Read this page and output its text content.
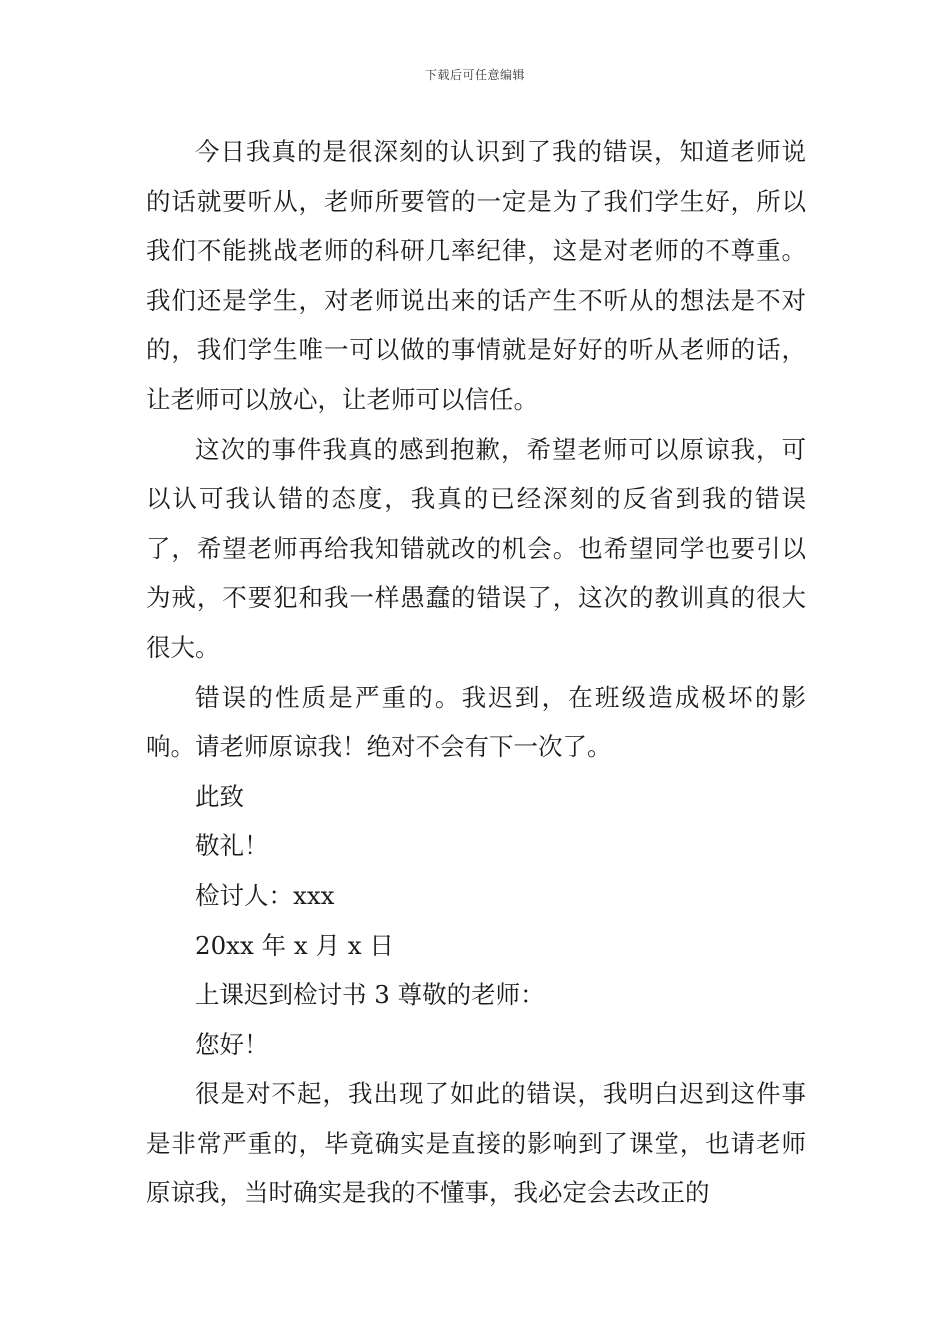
下载后可任意编辑

今日我真的是很深刻的认识到了我的错误，知道老师说的话就要听从，老师所要管的一定是为了我们学生好，所以我们不能挑战老师的科研几率纪律，这是对老师的不尊重。我们还是学生，对老师说出来的话产生不听从的想法是不对的，我们学生唯一可以做的事情就是好好的听从老师的话，让老师可以放心，让老师可以信任。

这次的事件我真的感到抱歉，希望老师可以原谅我，可以认可我认错的态度，我真的已经深刻的反省到我的错误了，希望老师再给我知错就改的机会。也希望同学也要引以为戒，不要犯和我一样愚蠢的错误了，这次的教训真的很大很大。

错误的性质是严重的。我迟到，在班级造成极坏的影响。请老师原谅我！绝对不会有下一次了。

此致

敬礼！

检讨人：xxx

20xx 年 x 月 x 日

上课迟到检讨书 3 尊敬的老师：

您好！

很是对不起，我出现了如此的错误，我明白迟到这件事是非常严重的，毕竟确实是直接的影响到了课堂，也请老师原谅我，当时确实是我的不懂事，我必定会去改正的
